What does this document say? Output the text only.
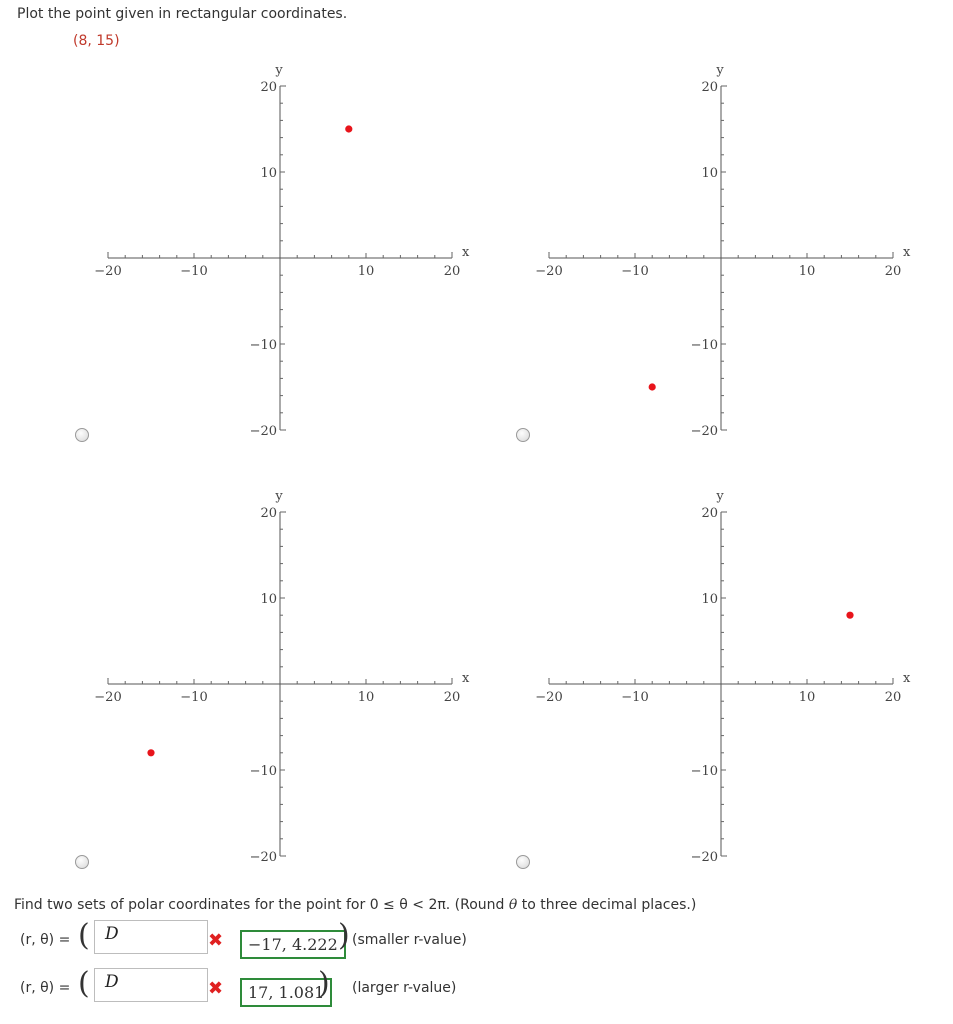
Plot the point given in rectangular coordinates.
(8, 15)
−20	−10	10	20
20
10
−10
−20
x
y
−20	−10	10	20
20
10
−10
−20
x
y
−20	−10	10	20
20
10
−10
−20
x
y
−20	−10	10	20
20
10
−10
−20
x
y
Find two sets of polar coordinates for the point for 0 ≤ θ < 2π. (Round θ to three decimal places.)
(r, θ) = ( D	✖	−17, 4.222 ) (smaller r-value)
(r, θ) = ( D	✖	17, 1.081
) (larger r-value)
